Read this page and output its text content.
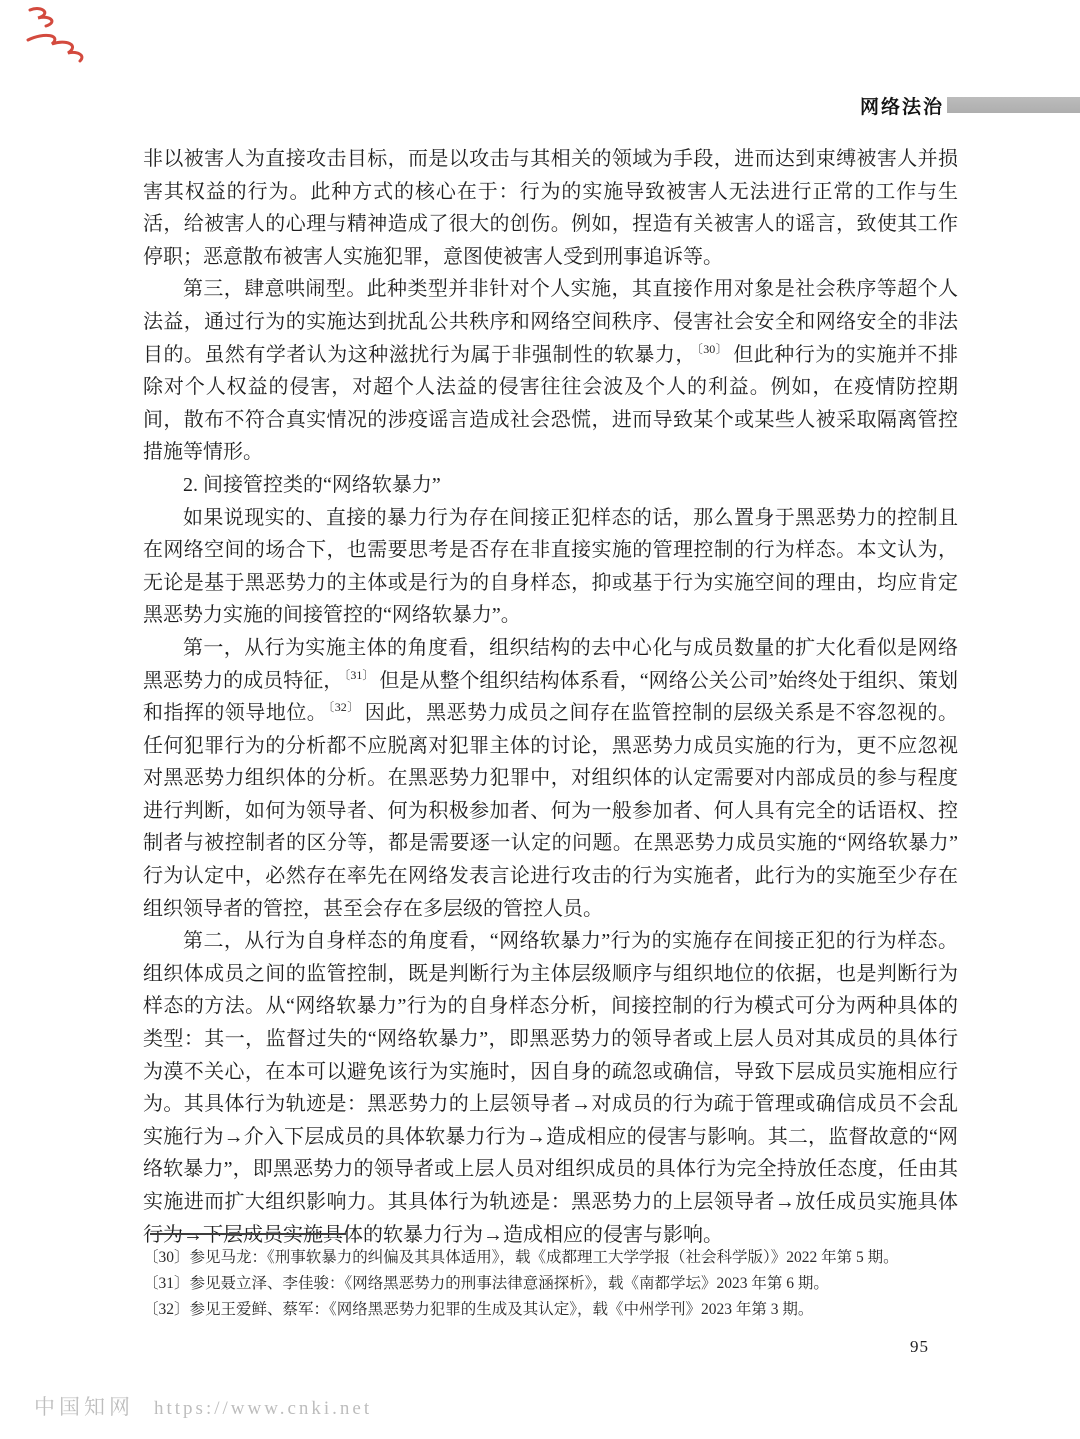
网络法治

非以被害人为直接攻击目标，而是以攻击与其相关的领域为手段，进而达到束缚被害人并损害其权益的行为。此种方式的核心在于：行为的实施导致被害人无法进行正常的工作与生活，给被害人的心理与精神造成了很大的创伤。例如，捏造有关被害人的谣言，致使其工作停职；恶意散布被害人实施犯罪，意图使被害人受到刑事追诉等。

第三，肆意哄闹型。此种类型并非针对个人实施，其直接作用对象是社会秩序等超个人法益，通过行为的实施达到扰乱公共秩序和网络空间秩序、侵害社会安全和网络安全的非法目的。虽然有学者认为这种滋扰行为属于非强制性的软暴力，$^{〔30〕}$ 但此种行为的实施并不排除对个人权益的侵害，对超个人法益的侵害往往会波及个人的利益。例如，在疫情防控期间，散布不符合真实情况的涉疫谣言造成社会恐慌，进而导致某个或某些人被采取隔离管控措施等情形。

2. 间接管控类的“网络软暴力”

如果说现实的、直接的暴力行为存在间接正犯样态的话，那么置身于黑恶势力的控制且在网络空间的场合下，也需要思考是否存在非直接实施的管理控制的行为样态。本文认为，无论是基于黑恶势力的主体或是行为的自身样态，抑或基于行为实施空间的理由，均应肯定黑恶势力实施的间接管控的“网络软暴力”。

第一，从行为实施主体的角度看，组织结构的去中心化与成员数量的扩大化看似是网络黑恶势力的成员特征，$^{〔31〕}$ 但是从整个组织结构体系看，“网络公关公司”始终处于组织、策划和指挥的领导地位。$^{〔32〕}$ 因此，黑恶势力成员之间存在监管控制的层级关系是不容忽视的。任何犯罪行为的分析都不应脱离对犯罪主体的讨论，黑恶势力成员实施的行为，更不应忽视对黑恶势力组织体的分析。在黑恶势力犯罪中，对组织体的认定需要对内部成员的参与程度进行判断，如何为领导者、何为积极参加者、何为一般参加者、何人具有完全的话语权、控制者与被控制者的区分等，都是需要逐一认定的问题。在黑恶势力成员实施的“网络软暴力”行为认定中，必然存在率先在网络发表言论进行攻击的行为实施者，此行为的实施至少存在组织领导者的管控，甚至会存在多层级的管控人员。

第二，从行为自身样态的角度看，“网络软暴力”行为的实施存在间接正犯的行为样态。组织体成员之间的监管控制，既是判断行为主体层级顺序与组织地位的依据，也是判断行为样态的方法。从“网络软暴力”行为的自身样态分析，间接控制的行为模式可分为两种具体的类型：其一，监督过失的“网络软暴力”，即黑恶势力的领导者或上层人员对其成员的具体行为漠不关心，在本可以避免该行为实施时，因自身的疏忽或确信，导致下层成员实施相应行为。其具体行为轨迹是：黑恶势力的上层领导者→对成员的行为疏于管理或确信成员不会乱实施行为→介入下层成员的具体软暴力行为→造成相应的侵害与影响。其二，监督故意的“网络软暴力”，即黑恶势力的领导者或上层人员对组织成员的具体行为完全持放任态度，任由其实施进而扩大组织影响力。其具体行为轨迹是：黑恶势力的上层领导者→放任成员实施具体行为→下层成员实施具体的软暴力行为→造成相应的侵害与影响。

〔30〕 参见马龙：《刑事软暴力的纠偏及其具体适用》，载《成都理工大学学报（社会科学版）》2022 年第 5 期。
〔31〕 参见聂立泽、李佳骏：《网络黑恶势力的刑事法律意涵探析》，载《南都学坛》2023 年第 6 期。
〔32〕 参见王爱鲜、蔡军：《网络黑恶势力犯罪的生成及其认定》，载《中州学刊》2023 年第 3 期。
95
中国知网 https://www.cnki.net
